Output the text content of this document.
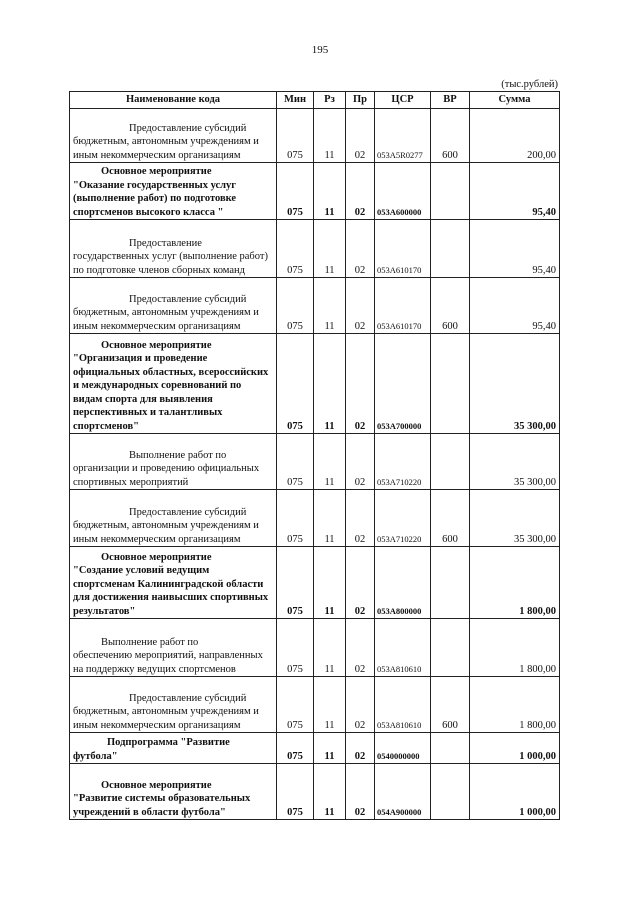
195
(тыс.рублей)
Наименование кода	Мин	Рз	Пр	ЦСР	ВР	Сумма

Предоставление субсидий
бюджетным, автономным учреждениям и иным некоммерческим организациям	075	11	02	053A5R0277	600	200,00

Основное мероприятие
"Оказание государственных услуг (выполнение работ) по подготовке спортсменов высокого класса "	075	11	02	053A600000		95,40

Предоставление
государственных услуг (выполнение работ) по подготовке членов сборных команд	075	11	02	053A610170		95,40

Предоставление субсидий
бюджетным, автономным учреждениям и иным некоммерческим организациям	075	11	02	053A610170	600	95,40

Основное мероприятие
"Организация и проведение официальных областных, всероссийских и международных соревнований по видам спорта для выявления перспективных и талантливых спортсменов"	075	11	02	053A700000		35 300,00

Выполнение работ по
организации и проведению официальных спортивных мероприятий	075	11	02	053A710220		35 300,00

Предоставление субсидий
бюджетным, автономным учреждениям и иным некоммерческим организациям	075	11	02	053A710220	600	35 300,00

Основное мероприятие
"Создание условий ведущим спортсменам Калининградской области для достижения наивысших спортивных результатов"	075	11	02	053A800000		1 800,00

Выполнение работ по
обеспечению мероприятий, направленных на поддержку ведущих спортсменов	075	11	02	053A810610		1 800,00

Предоставление субсидий
бюджетным, автономным учреждениям и иным некоммерческим организациям	075	11	02	053A810610	600	1 800,00

Подпрограмма "Развитие
футбола"	075	11	02	0540000000		1 000,00

Основное мероприятие
"Развитие системы образовательных учреждений в области футбола"	075	11	02	054A900000		1 000,00
